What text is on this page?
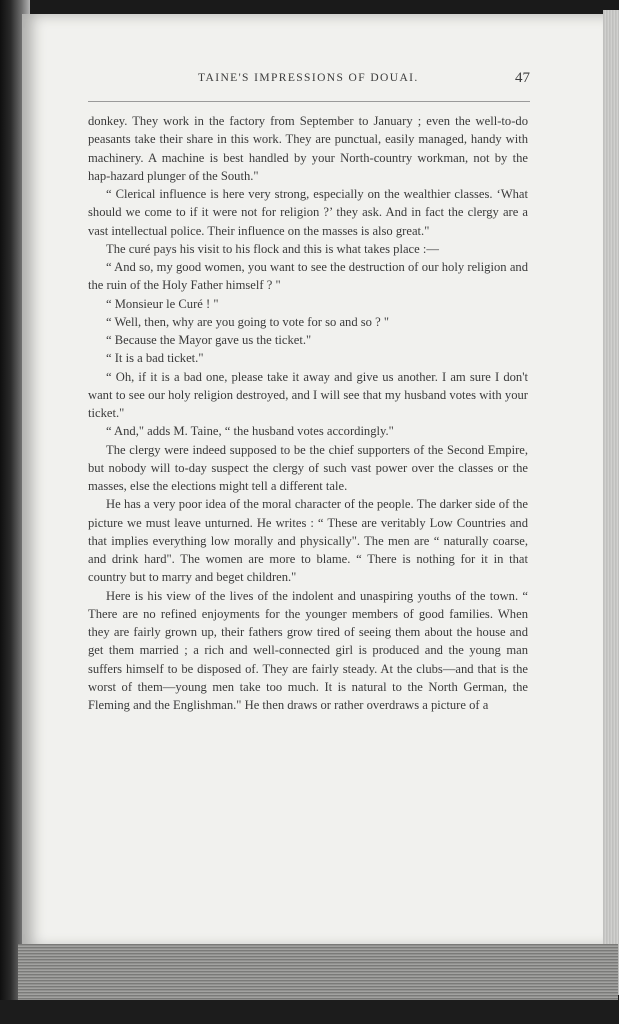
TAINE'S IMPRESSIONS OF DOUAI.	47

donkey. They work in the factory from September to January ; even the well-to-do peasants take their share in this work. They are punctual, easily managed, handy with machinery. A machine is best handled by your North-country workman, not by the hap-hazard plunger of the South."

“ Clerical influence is here very strong, especially on the wealthier classes. ‘What should we come to if it were not for religion ?’ they ask. And in fact the clergy are a vast intellectual police. Their influence on the masses is also great."

The curé pays his visit to his flock and this is what takes place :—

“ And so, my good women, you want to see the destruction of our holy religion and the ruin of the Holy Father himself ? "

“ Monsieur le Curé ! "

“ Well, then, why are you going to vote for so and so ? "

“ Because the Mayor gave us the ticket."

“ It is a bad ticket."

“ Oh, if it is a bad one, please take it away and give us another. I am sure I don't want to see our holy religion destroyed, and I will see that my husband votes with your ticket."

“ And," adds M. Taine, “ the husband votes accordingly."

The clergy were indeed supposed to be the chief supporters of the Second Empire, but nobody will to-day suspect the clergy of such vast power over the classes or the masses, else the elections might tell a different tale.

He has a very poor idea of the moral character of the people. The darker side of the picture we must leave unturned. He writes : “ These are veritably Low Countries and that implies everything low morally and physically". The men are “ naturally coarse, and drink hard". The women are more to blame. “ There is nothing for it in that country but to marry and beget children."

Here is his view of the lives of the indolent and unaspiring youths of the town. “ There are no refined enjoyments for the younger members of good families. When they are fairly grown up, their fathers grow tired of seeing them about the house and get them married ; a rich and well-connected girl is produced and the young man suffers himself to be disposed of. They are fairly steady. At the clubs—and that is the worst of them—young men take too much. It is natural to the North German, the Fleming and the Englishman." He then draws or rather overdraws a picture of a
